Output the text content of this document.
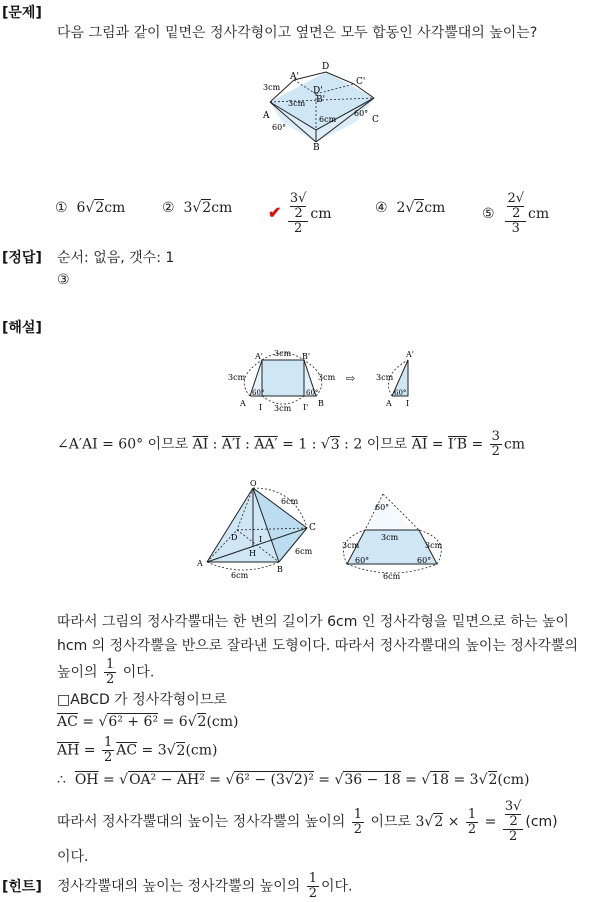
[문제]
다음 그림과 같이 밑면은 정사각형이고 옆면은 모두 합동인 사각뿔대의 높이는?
D
A'
D'
C'
B'
3cm
3cm
6cm
A
60°
60°
B
C
①  6√2cm	②  3√2cm ✔ 3√
2
2 cm	④  2√2cm	⑤ 2√
2
3 cm
[정답] 순서: 없음, 갯수: 1
③
[해설]
A' 3cm B'
3cm	3cm
A I 3cm I' B
60°	60°
⇨
A'
3cm
A I
60°
∠A′AI = 60° 이므로 $\overline{AI}$ : A′I : AA′ = 1 : √3 : 2 이므로 $\overline{AI} = I'B = \frac{3}{2}$ cm
O
6cm
C
D	I
H
A
6cm
B
6cm
60°
3cm
3cm	3cm
60°	60°
6cm
따라서 그림의 정사각뿔대는 한 변의 길이가 6cm 인 정사각형을 밑면으로 하는 높이 hcm 의 정사각뿔을 반으로 잘라낸 도형이다. 따라서 정사각뿔대의 높이는 정사각뿔의 높이의 $\frac{1}{2}$ 이다.
□ABCD 가 정사각형이므로
$\overline{AC} = √6^2 + 6^2 = 6√2(cm)$
$\overline{AH} = \frac{1}{2} \overline{AC} = 3√2(cm)$
∴  $\overline{OH} = √OA^2 - AH^2 = √6^2 - (3√2)^2 = √36 - 18 = √18 = 3√2(cm)$
따라서 정사각뿔대의 높이는 정사각뿔의 높이의 $\frac{1}{2}$ 이므로 $3√2 \times \frac{1}{2} = 3√$
2
2 (cm)
이다.
[힌트] 정사각뿔대의 높이는 정사각뿔의 높이의 $\frac{1}{2}$ 이다.
